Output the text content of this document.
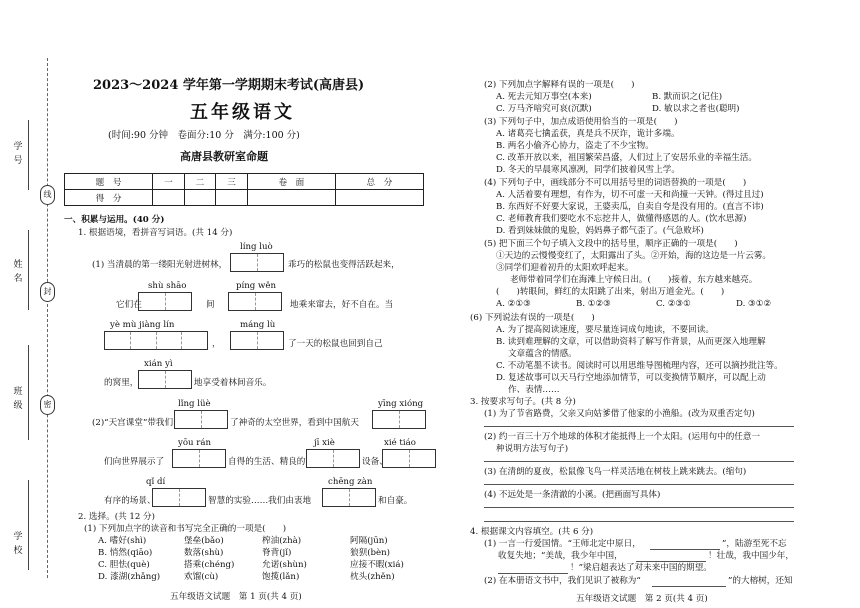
学号
线
姓名
封
班级	密
学校
2023～2024 学年第一学期期末考试(高唐县)
五年级语文
(时间:90 分钟　卷面分:10 分　满分:100 分)
高唐县教研室命题
题　号	一	二	三	卷　面	总　分
得　分					
一、积累与运用。(40 分)
1. 根据语境，看拼音写词语。(共 14 分)
líng luò
(1) 当清晨的第一缕阳光射进树林，	乖巧的松鼠也变得活跃起来，
shù shāo	píng wěn
它们在	间	地乘来窜去，好不自在。当
yè mù jiàng lín	máng lù
，	了一天的松鼠也回到自己
xián yì
的窝里，	地享受着林间音乐。
lǐng lüè	yīng xióng
(2)“天宫课堂”带我们	了神奇的太空世界，看到中国航天
yōu rán	jī xiè	xié tiáo
们向世界展示了	自得的生活、精良的	设备、
qǐ dí	chēng zàn
有序的场景、	智慧的实验……我们由衷地	和自豪。
2. 选择。(共 12 分)
(1) 下列加点字的读音和书写完全正确的一项是(　　)
A. 嗜好(shì)	堡垒(bǎo)	榨油(zhà)	阿隔(jūn)
B. 悄然(qiāo)	数落(shù)	脊背(jǐ)	狼狈(bèn)
C. 胆怯(què)	搭乘(chéng)	允诺(shùn)	应接不暇(xiá)
D. 漆湖(zhǎng)	欢馏(cù)	饱揽(lǎn)	枕头(zhěn)
五年级语文试题　第 1 页(共 4 页)
(2) 下列加点字解释有误的一项是(　　)
A. 死去元知万事空(本来)	B. 默而识之(记住)
C. 万马齐喑究可哀(沉默)	D. 敏以求之者也(聪明)
(3) 下列句子中，加点成语使用恰当的一项是(　　)
A. 诸葛亮七擒孟获，真是兵不厌诈，诡计多端。
B. 两名小偷齐心协力，盗走了不少宝物。
C. 改革开放以来，祖国繁荣昌盛，人们过上了安居乐业的幸福生活。
D. 冬天的早晨寒风凛冽，同学们披着风雪上学。
(4) 下列句子中，画线部分不可以用括号里的词语替换的一项是(　　)
A. 人活着要有理想，有作为，切不可虚一天和尚撞一天钟。(得过且过)
B. 东西好不好要大家说，王婆卖瓜，自卖自夸是没有用的。(直言不讳)
C. 老师教育我们要吃水不忘挖井人，做懂得感恩的人。(饮水思源)
D. 看到妹妹做的鬼脸，妈妈鼻子都气歪了。(气急败坏)
(5) 把下面三个句子填入文段中的括号里，顺序正确的一项是(　　)
①天边的云慢慢变红了，太阳露出了头。②开始，海的这边是一片云雾。
③同学们迎着初升的太阳欢呼起来。
老师带着同学们在海滩上守候日出。(　　)接着，东方越来越亮。
(　　)转眼间，鲜红的太阳跳了出来，射出万道金光。(　　)
A. ②①③	B. ①②③	C. ②③①	D. ③①②
(6) 下列说法有误的一项是(　　)
A. 为了提高阅读速度，要尽量连词成句地读，不要回读。
B. 读到难理解的文章，可以借助资料了解写作背景，从而更深入地理解
文章蕴含的情感。
C. 不动笔墨不读书。阅读时可以用思维导图梳理内容，还可以摘抄批注等。
D. 复述故事可以天马行空地添加情节，可以变换情节顺序，可以配上动
作、表情……
3. 按要求写句子。(共 8 分)
(1) 为了节省路费，父亲又向姑爹借了他家的小渔船。(改为双重否定句)
(2) 约一百三十万个地球的体积才能抵得上一个太阳。(运用句中的任意一
种说明方法写句子)
(3) 在清朗的夏夜，松鼠像飞鸟一样灵活地在树枝上跳来跳去。(缩句)
(4) 不远处是一条清澈的小溪。(把画面写具体)
4. 根据课文内容填空。(共 6 分)
(1) 一言一行爱国情。“王师北定中原日，	”，陆游至死不忘
收复失地；“美哉，我少年中国，	！壮哉，我中国少年，
！”梁启超表达了对未来中国的期望。
(2) 在本册语文书中，我们见识了被称为“	”的大榕树，还知
五年级语文试题　第 2 页(共 4 页)
